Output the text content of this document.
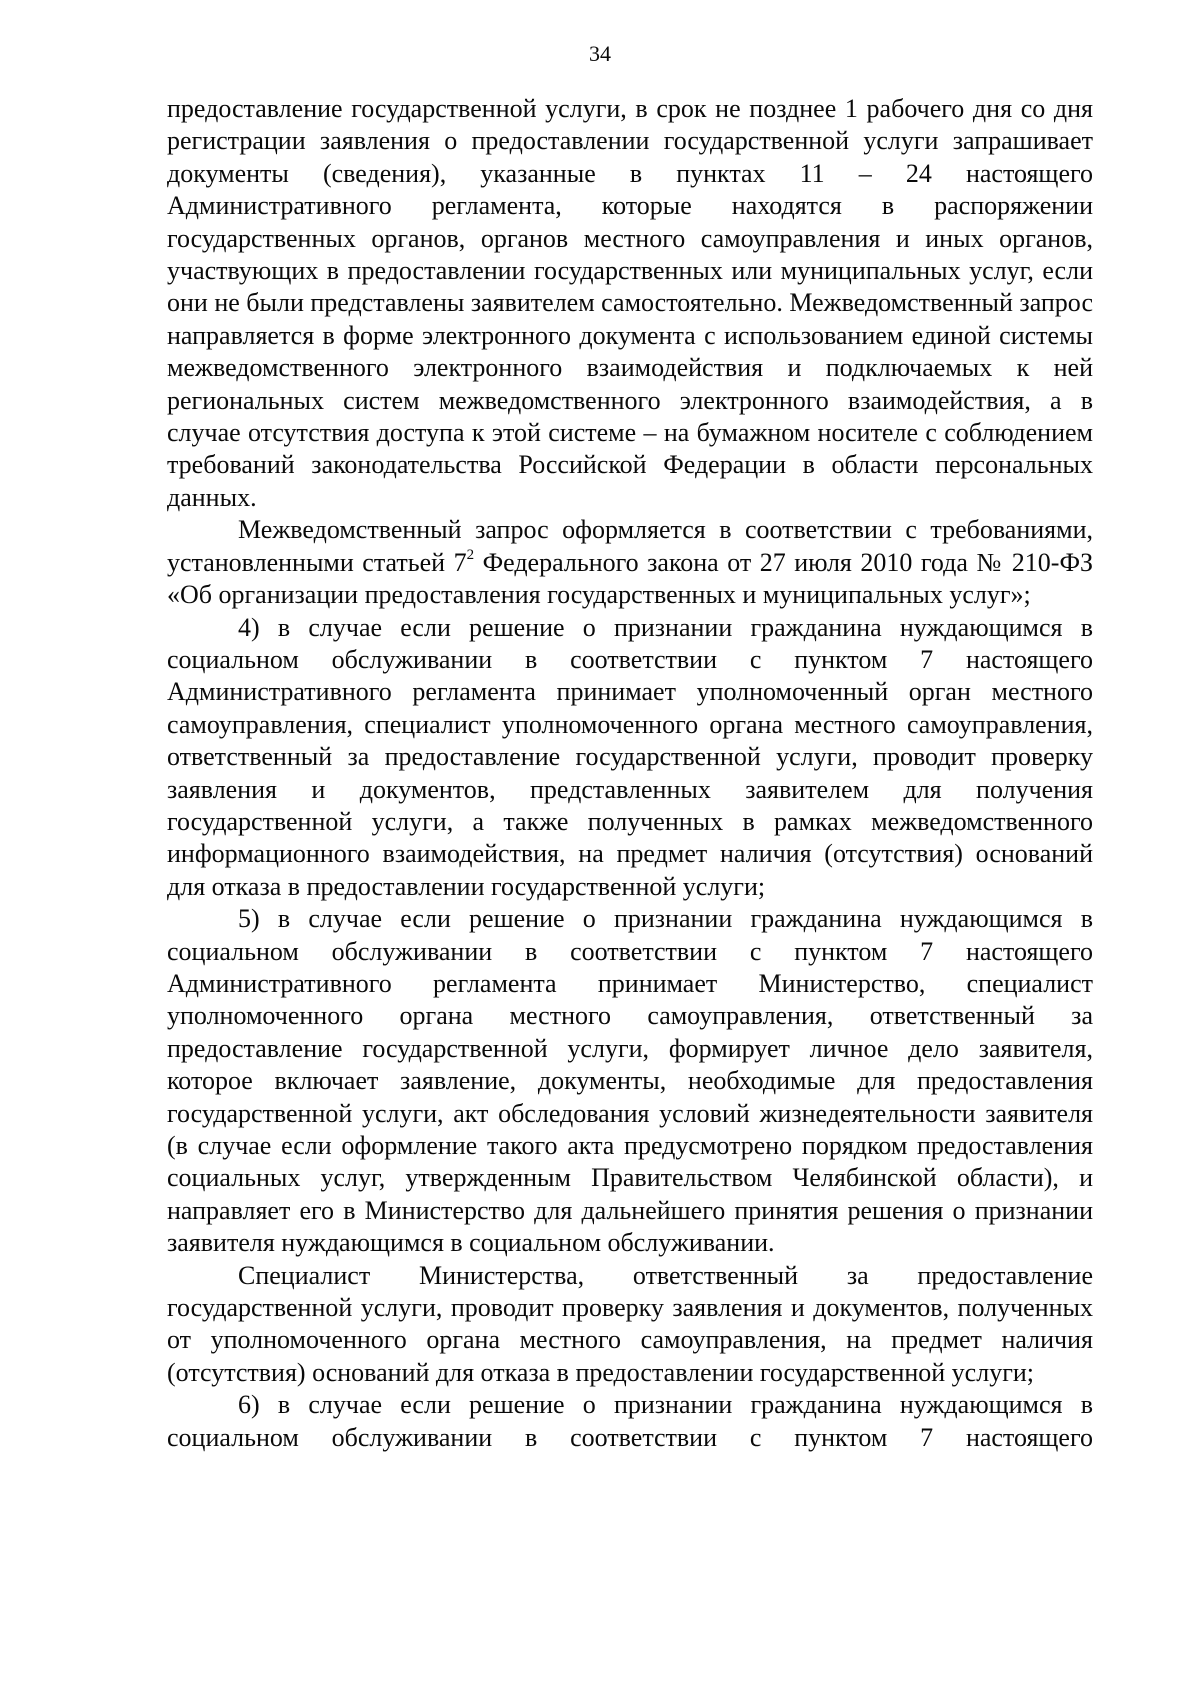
34

предоставление государственной услуги, в срок не позднее 1 рабочего дня со дня регистрации заявления о предоставлении государственной услуги запрашивает документы (сведения), указанные в пунктах 11 – 24 настоящего Административного регламента, которые находятся в распоряжении государственных органов, органов местного самоуправления и иных органов, участвующих в предоставлении государственных или муниципальных услуг, если они не были представлены заявителем самостоятельно. Межведомственный запрос направляется в форме электронного документа с использованием единой системы межведомственного электронного взаимодействия и подключаемых к ней региональных систем межведомственного электронного взаимодействия, а в случае отсутствия доступа к этой системе – на бумажном носителе с соблюдением требований законодательства Российской Федерации в области персональных данных.

Межведомственный запрос оформляется в соответствии с требованиями, установленными статьей $7^2$ Федерального закона от 27 июля 2010 года № 210-ФЗ «Об организации предоставления государственных и муниципальных услуг»;

4) в случае если решение о признании гражданина нуждающимся в социальном обслуживании в соответствии с пунктом 7 настоящего Административного регламента принимает уполномоченный орган местного самоуправления, специалист уполномоченного органа местного самоуправления, ответственный за предоставление государственной услуги, проводит проверку заявления и документов, представленных заявителем для получения государственной услуги, а также полученных в рамках межведомственного информационного взаимодействия, на предмет наличия (отсутствия) оснований для отказа в предоставлении государственной услуги;

5) в случае если решение о признании гражданина нуждающимся в социальном обслуживании в соответствии с пунктом 7 настоящего Административного регламента принимает Министерство, специалист уполномоченного органа местного самоуправления, ответственный за предоставление государственной услуги, формирует личное дело заявителя, которое включает заявление, документы, необходимые для предоставления государственной услуги, акт обследования условий жизнедеятельности заявителя (в случае если оформление такого акта предусмотрено порядком предоставления социальных услуг, утвержденным Правительством Челябинской области), и направляет его в Министерство для дальнейшего принятия решения о признании заявителя нуждающимся в социальном обслуживании.

Специалист Министерства, ответственный за предоставление государственной услуги, проводит проверку заявления и документов, полученных от уполномоченного органа местного самоуправления, на предмет наличия (отсутствия) оснований для отказа в предоставлении государственной услуги;

6) в случае если решение о признании гражданина нуждающимся в социальном обслуживании в соответствии с пунктом 7 настоящего
